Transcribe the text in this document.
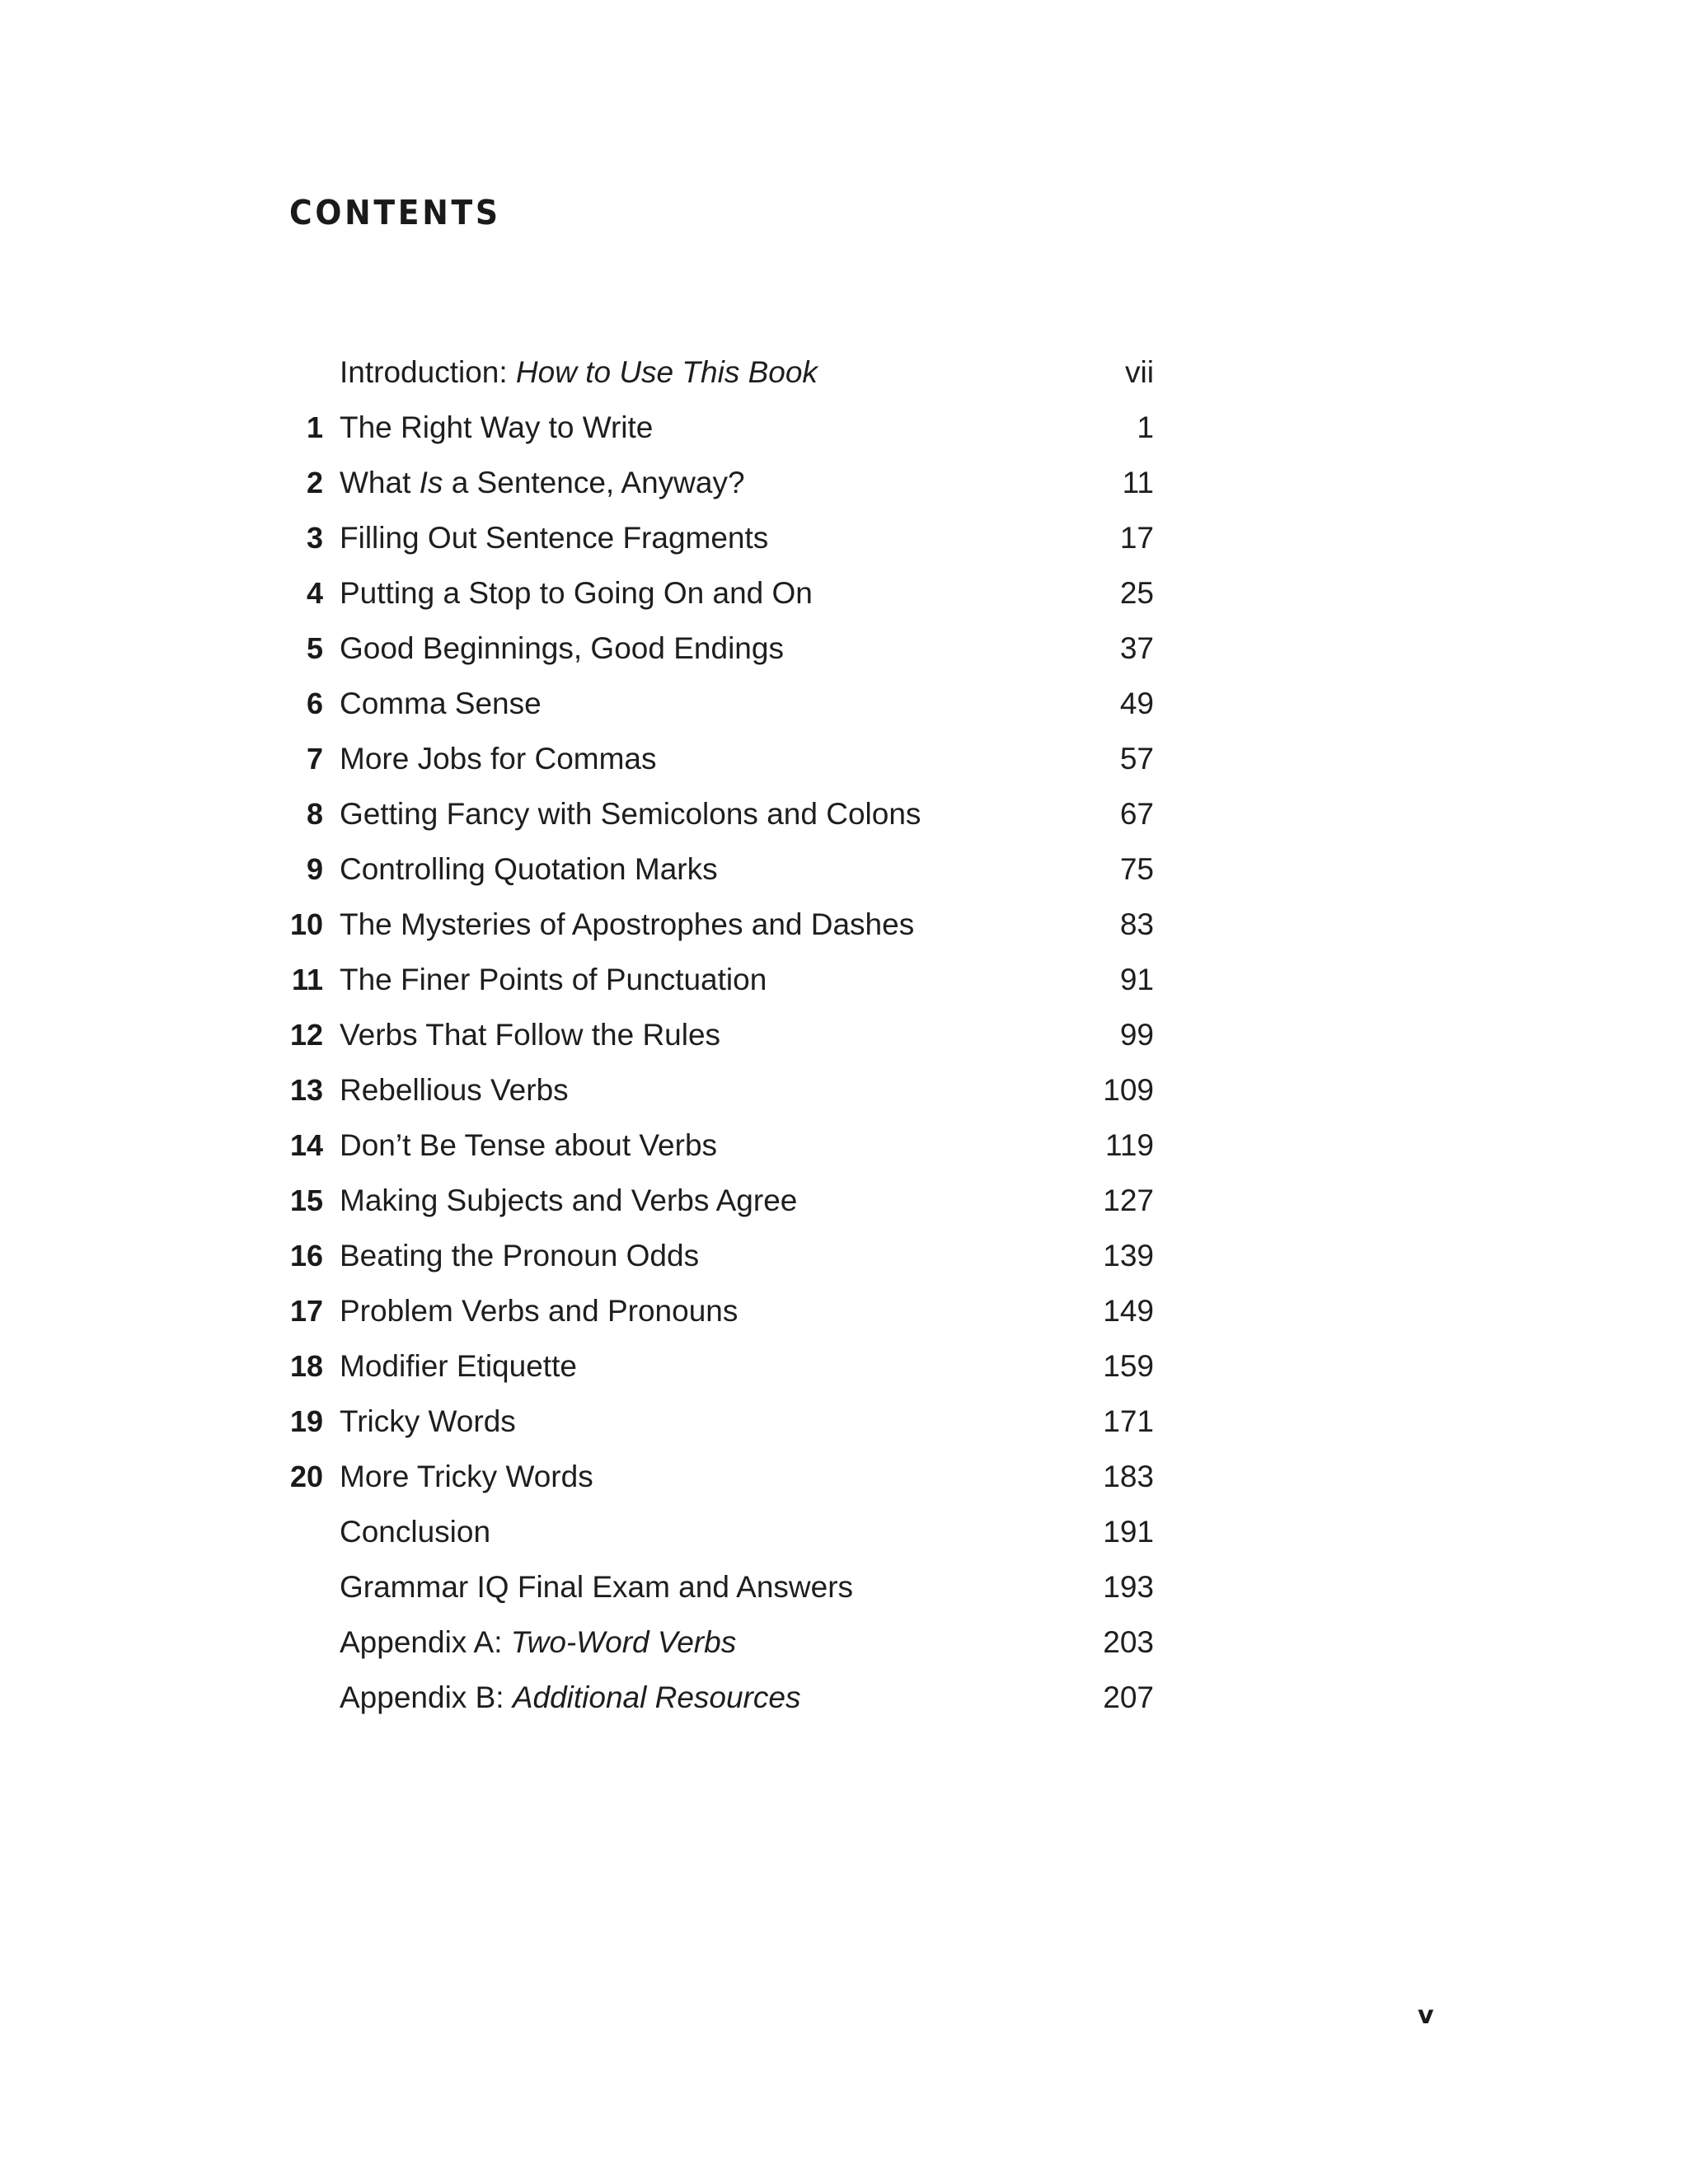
CONTENTS
Introduction: How to Use This Book	vii
1 The Right Way to Write	1
2 What Is a Sentence, Anyway?	11
3 Filling Out Sentence Fragments	17
4 Putting a Stop to Going On and On	25
5 Good Beginnings, Good Endings	37
6 Comma Sense	49
7 More Jobs for Commas	57
8 Getting Fancy with Semicolons and Colons	67
9 Controlling Quotation Marks	75
10 The Mysteries of Apostrophes and Dashes	83
11 The Finer Points of Punctuation	91
12 Verbs That Follow the Rules	99
13 Rebellious Verbs	109
14 Don’t Be Tense about Verbs	119
15 Making Subjects and Verbs Agree	127
16 Beating the Pronoun Odds	139
17 Problem Verbs and Pronouns	149
18 Modifier Etiquette	159
19 Tricky Words	171
20 More Tricky Words	183
Conclusion	191
Grammar IQ Final Exam and Answers	193
Appendix A: Two-Word Verbs	203
Appendix B: Additional Resources	207
v
